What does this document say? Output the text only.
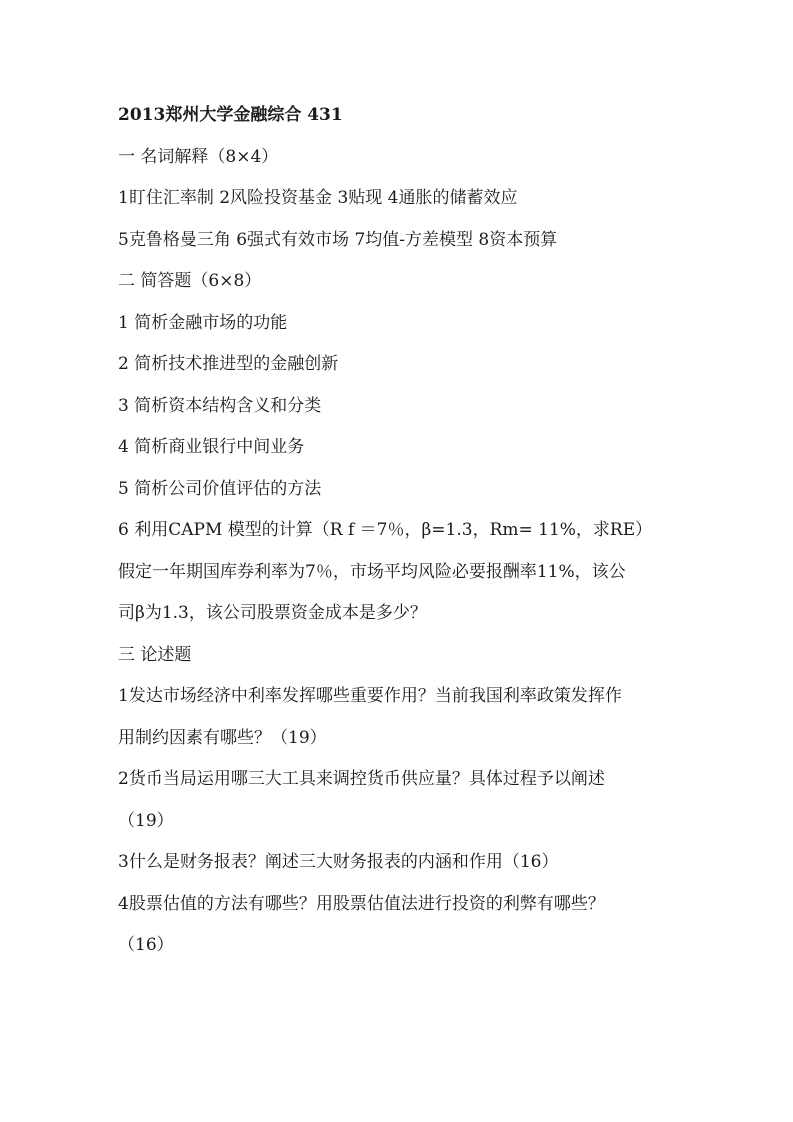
2013郑州大学金融综合 431
一 名词解释（8×4）
1盯住汇率制 2风险投资基金 3贴现 4通胀的储蓄效应
5克鲁格曼三角 6强式有效市场 7均值-方差模型 8资本预算
二 简答题（6×8）
1 简析金融市场的功能
2 简析技术推进型的金融创新
3 简析资本结构含义和分类
4 简析商业银行中间业务
5 简析公司价值评估的方法
6 利用CAPM 模型的计算（R f ＝7％，β=1.3，Rm= 11%，求RE）
假定一年期国库券利率为7％，市场平均风险必要报酬率11%，该公
司β为1.3，该公司股票资金成本是多少？
三 论述题
1发达市场经济中利率发挥哪些重要作用？当前我国利率政策发挥作
用制约因素有哪些？（19）
2货币当局运用哪三大工具来调控货币供应量？具体过程予以阐述
（19）
3什么是财务报表？阐述三大财务报表的内涵和作用（16）
4股票估值的方法有哪些？用股票估值法进行投资的利弊有哪些？
（16）
